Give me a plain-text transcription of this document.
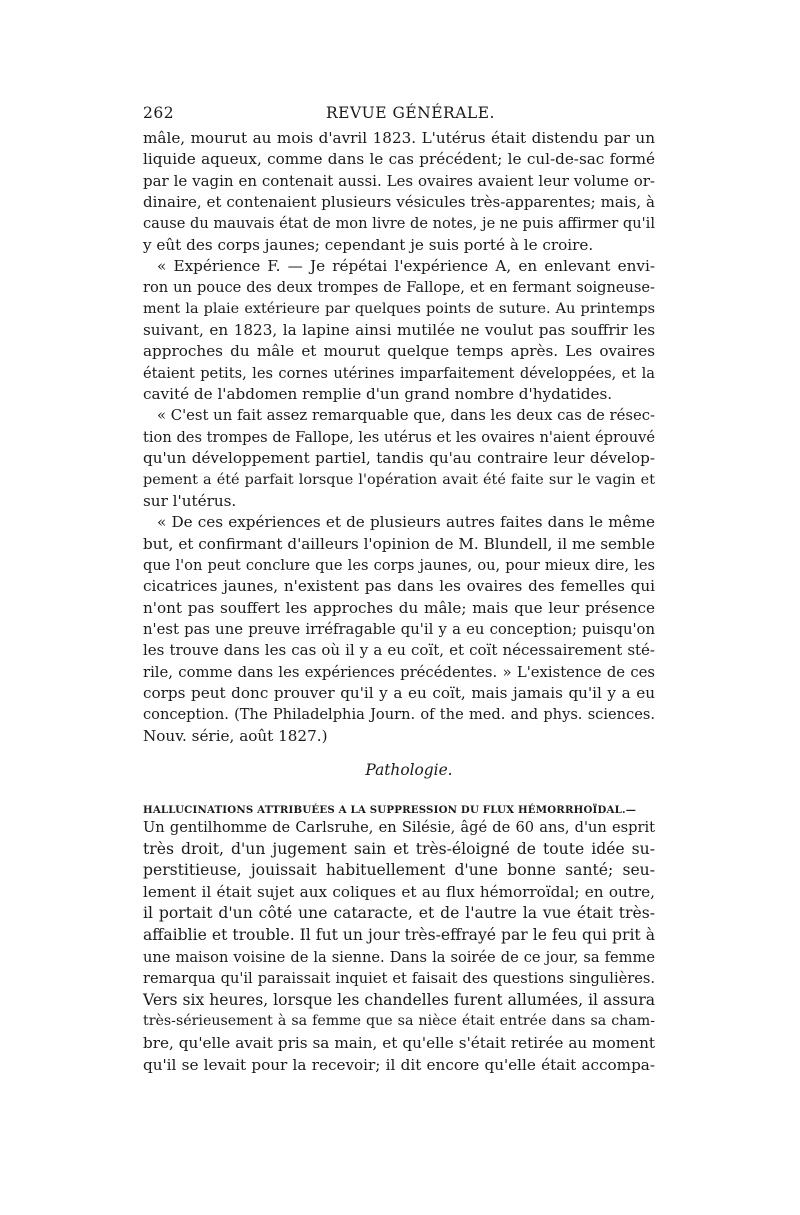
262	REVUE GÉNÉRALE.
mâle, mourut au mois d'avril 1823. L'utérus était distendu par un
liquide aqueux, comme dans le cas précédent; le cul-de-sac formé
par le vagin en contenait aussi. Les ovaires avaient leur volume or-
dinaire, et contenaient plusieurs vésicules très-apparentes; mais, à
cause du mauvais état de mon livre de notes, je ne puis affirmer qu'il
y eût des corps jaunes; cependant je suis porté à le croire.
« Expérience F. — Je répétai l'expérience A, en enlevant envi-
ron un pouce des deux trompes de Fallope, et en fermant soigneuse-
ment la plaie extérieure par quelques points de suture. Au printemps
suivant, en 1823, la lapine ainsi mutilée ne voulut pas souffrir les
approches du mâle et mourut quelque temps après. Les ovaires
étaient petits, les cornes utérines imparfaitement développées, et la
cavité de l'abdomen remplie d'un grand nombre d'hydatides.
« C'est un fait assez remarquable que, dans les deux cas de résec-
tion des trompes de Fallope, les utérus et les ovaires n'aient éprouvé
qu'un développement partiel, tandis qu'au contraire leur dévelop-
pement a été parfait lorsque l'opération avait été faite sur le vagin et
sur l'utérus.
« De ces expériences et de plusieurs autres faites dans le même
but, et confirmant d'ailleurs l'opinion de M. Blundell, il me semble
que l'on peut conclure que les corps jaunes, ou, pour mieux dire, les
cicatrices jaunes, n'existent pas dans les ovaires des femelles qui
n'ont pas souffert les approches du mâle; mais que leur présence
n'est pas une preuve irréfragable qu'il y a eu conception; puisqu'on
les trouve dans les cas où il y a eu coït, et coït nécessairement sté-
rile, comme dans les expériences précédentes. » L'existence de ces
corps peut donc prouver qu'il y a eu coït, mais jamais qu'il y a eu
conception. (The Philadelphia Journ. of the med. and phys. sciences.
Nouv. série, août 1827.)
Pathologie.
HALLUCINATIONS ATTRIBUÉES A LA SUPPRESSION DU FLUX HÉMORRHOÏDAL.—
Un gentilhomme de Carlsruhe, en Silésie, âgé de 60 ans, d'un esprit
très droit, d'un jugement sain et très-éloigné de toute idée su-
perstitieuse, jouissait habituellement d'une bonne santé; seu-
lement il était sujet aux coliques et au flux hémorroïdal; en outre,
il portait d'un côté une cataracte, et de l'autre la vue était très-
affaiblie et trouble. Il fut un jour très-effrayé par le feu qui prit à
une maison voisine de la sienne. Dans la soirée de ce jour, sa femme
remarqua qu'il paraissait inquiet et faisait des questions singulières.
Vers six heures, lorsque les chandelles furent allumées, il assura
très-sérieusement à sa femme que sa nièce était entrée dans sa cham-
bre, qu'elle avait pris sa main, et qu'elle s'était retirée au moment
qu'il se levait pour la recevoir; il dit encore qu'elle était accompa-
